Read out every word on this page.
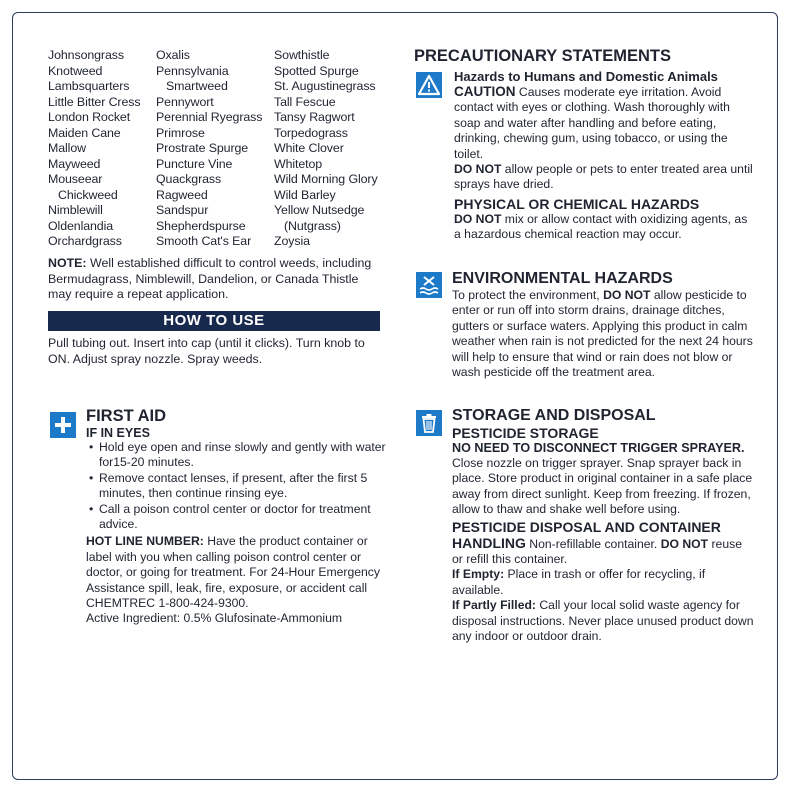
Johnsongrass
Knotweed
Lambsquarters
Little Bitter Cress
London Rocket
Maiden Cane
Mallow
Mayweed
Mouseear
Chickweed
Nimblewill
Oldenlandia
Orchardgrass
Oxalis
Pennsylvania
Smartweed
Pennywort
Perennial Ryegrass
Primrose
Prostrate Spurge
Puncture Vine
Quackgrass
Ragweed
Sandspur
Shepherdspurse
Smooth Cat's Ear
Sowthistle
Spotted Spurge
St. Augustinegrass
Tall Fescue
Tansy Ragwort
Torpedograss
White Clover
Whitetop
Wild Morning Glory
Wild Barley
Yellow Nutsedge
(Nutgrass)
Zoysia
NOTE: Well established difficult to control weeds, including Bermudagrass, Nimblewill, Dandelion, or Canada Thistle may require a repeat application.
HOW TO USE
Pull tubing out. Insert into cap (until it clicks). Turn knob to ON. Adjust spray nozzle. Spray weeds.
FIRST AID
IF IN EYES
• Hold eye open and rinse slowly and gently with water for15-20 minutes.
• Remove contact lenses, if present, after the first 5 minutes, then continue rinsing eye.
• Call a poison control center or doctor for treatment advice.
HOT LINE NUMBER: Have the product container or label with you when calling poison control center or doctor, or going for treatment. For 24-Hour Emergency Assistance spill, leak, fire, exposure, or accident call CHEMTREC 1-800-424-9300.
Active Ingredient: 0.5% Glufosinate-Ammonium
PRECAUTIONARY STATEMENTS
Hazards to Humans and Domestic Animals
CAUTION Causes moderate eye irritation. Avoid contact with eyes or clothing. Wash thoroughly with soap and water after handling and before eating, drinking, chewing gum, using tobacco, or using the toilet.
DO NOT allow people or pets to enter treated area until sprays have dried.
PHYSICAL OR CHEMICAL HAZARDS
DO NOT mix or allow contact with oxidizing agents, as a hazardous chemical reaction may occur.
ENVIRONMENTAL HAZARDS
To protect the environment, DO NOT allow pesticide to enter or run off into storm drains, drainage ditches, gutters or surface waters. Applying this product in calm weather when rain is not predicted for the next 24 hours will help to ensure that wind or rain does not blow or wash pesticide off the treatment area.
STORAGE AND DISPOSAL
PESTICIDE STORAGE
NO NEED TO DISCONNECT TRIGGER SPRAYER.
Close nozzle on trigger sprayer. Snap sprayer back in place. Store product in original container in a safe place away from direct sunlight. Keep from freezing. If frozen, allow to thaw and shake well before using.
PESTICIDE DISPOSAL AND CONTAINER
HANDLING Non-refillable container. DO NOT reuse or refill this container.
If Empty: Place in trash or offer for recycling, if available.
If Partly Filled: Call your local solid waste agency for disposal instructions. Never place unused product down any indoor or outdoor drain.
